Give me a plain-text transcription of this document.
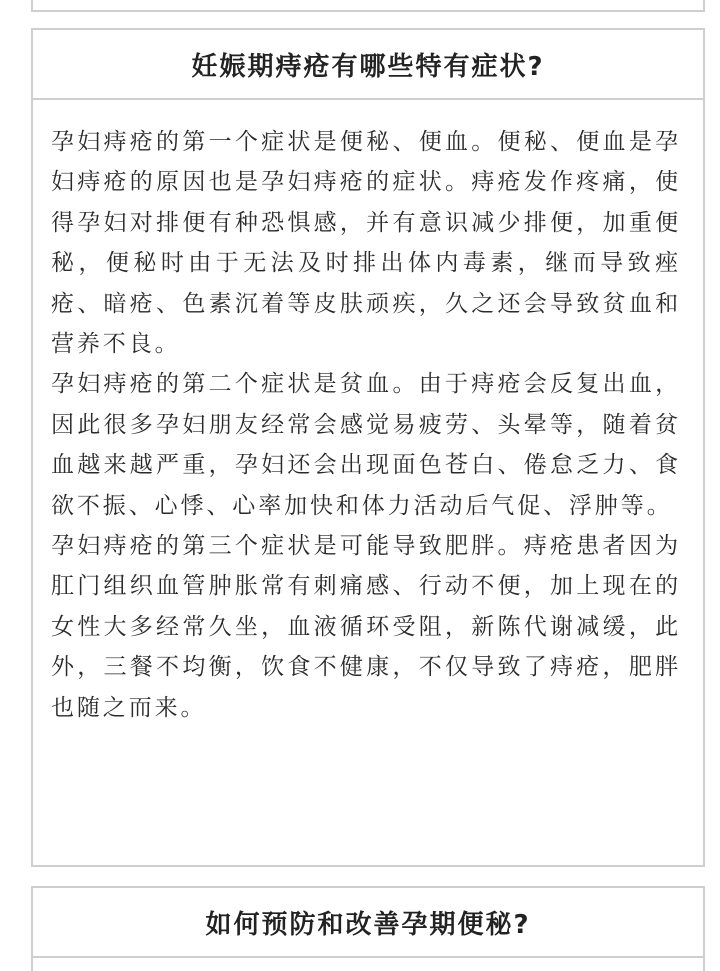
妊娠期痔疮有哪些特有症状?

孕妇痔疮的第一个症状是便秘、便血。便秘、便血是孕妇痔疮的原因也是孕妇痔疮的症状。痔疮发作疼痛，使得孕妇对排便有种恐惧感，并有意识减少排便，加重便秘，便秘时由于无法及时排出体内毒素，继而导致痤疮、暗疮、色素沉着等皮肤顽疾，久之还会导致贫血和营养不良。

孕妇痔疮的第二个症状是贫血。由于痔疮会反复出血，因此很多孕妇朋友经常会感觉易疲劳、头晕等，随着贫血越来越严重，孕妇还会出现面色苍白、倦怠乏力、食欲不振、心悸、心率加快和体力活动后气促、浮肿等。

孕妇痔疮的第三个症状是可能导致肥胖。痔疮患者因为肛门组织血管肿胀常有刺痛感、行动不便，加上现在的女性大多经常久坐，血液循环受阻，新陈代谢减缓，此外，三餐不均衡，饮食不健康，不仅导致了痔疮，肥胖也随之而来。

如何预防和改善孕期便秘?
